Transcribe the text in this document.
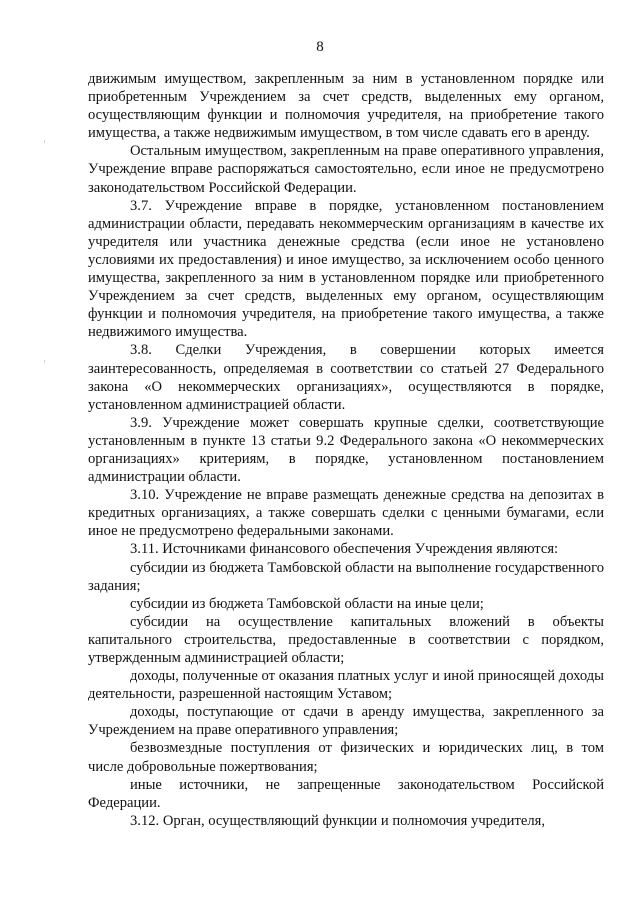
8

движимым имуществом, закрепленным за ним в установленном порядке или приобретенным Учреждением за счет средств, выделенных ему органом, осуществляющим функции и полномочия учредителя, на приобретение такого имущества, а также недвижимым имуществом, в том числе сдавать его в аренду.

Остальным имуществом, закрепленным на праве оперативного управления, Учреждение вправе распоряжаться самостоятельно, если иное не предусмотрено законодательством Российской Федерации.

3.7. Учреждение вправе в порядке, установленном постановлением администрации области, передавать некоммерческим организациям в качестве их учредителя или участника денежные средства (если иное не установлено условиями их предоставления) и иное имущество, за исключением особо ценного имущества, закрепленного за ним в установленном порядке или приобретенного Учреждением за счет средств, выделенных ему органом, осуществляющим функции и полномочия учредителя, на приобретение такого имущества, а также недвижимого имущества.

3.8. Сделки Учреждения, в совершении которых имеется заинтересованность, определяемая в соответствии со статьей 27 Федерального закона «О некоммерческих организациях», осуществляются в порядке, установленном администрацией области.

3.9. Учреждение может совершать крупные сделки, соответствующие установленным в пункте 13 статьи 9.2 Федерального закона «О некоммерческих организациях» критериям, в порядке, установленном постановлением администрации области.

3.10. Учреждение не вправе размещать денежные средства на депозитах в кредитных организациях, а также совершать сделки с ценными бумагами, если иное не предусмотрено федеральными законами.

3.11. Источниками финансового обеспечения Учреждения являются:

субсидии из бюджета Тамбовской области на выполнение государственного задания;

субсидии из бюджета Тамбовской области на иные цели;

субсидии на осуществление капитальных вложений в объекты капитального строительства, предоставленные в соответствии с порядком, утвержденным администрацией области;

доходы, полученные от оказания платных услуг и иной приносящей доходы деятельности, разрешенной настоящим Уставом;

доходы, поступающие от сдачи в аренду имущества, закрепленного за Учреждением на праве оперативного управления;

безвозмездные поступления от физических и юридических лиц, в том числе добровольные пожертвования;

иные источники, не запрещенные законодательством Российской Федерации.

3.12. Орган, осуществляющий функции и полномочия учредителя,
